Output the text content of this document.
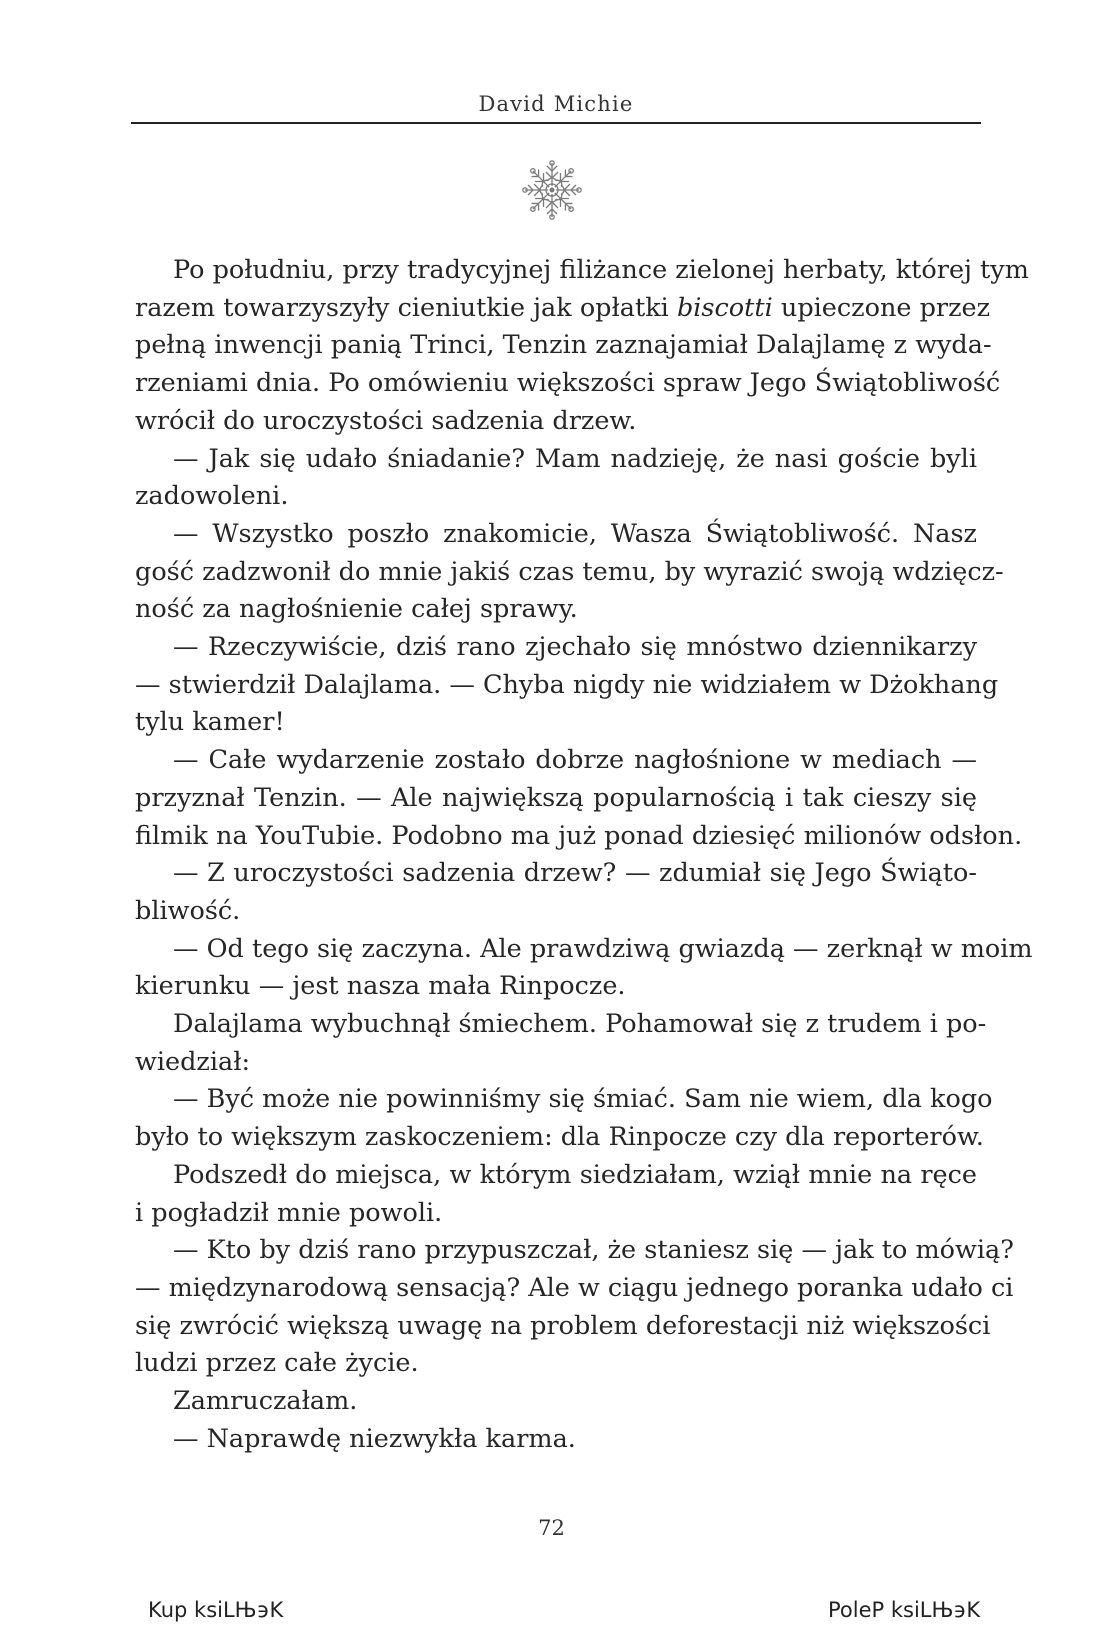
David Michie
Po południu, przy tradycyjnej filiżance zielonej herbaty, której tym
razem towarzyszyły cieniutkie jak opłatki biscotti upieczone przez
pełną inwencji panią Trinci, Tenzin zaznajamiał Dalajlamę z wyda-
rzeniami dnia. Po omówieniu większości spraw Jego Świątobliwość
wrócił do uroczystości sadzenia drzew.
— Jak się udało śniadanie? Mam nadzieję, że nasi goście byli
zadowoleni.
— Wszystko poszło znakomicie, Wasza Świątobliwość. Nasz
gość zadzwonił do mnie jakiś czas temu, by wyrazić swoją wdzięcz-
ność za nagłośnienie całej sprawy.
— Rzeczywiście, dziś rano zjechało się mnóstwo dziennikarzy
— stwierdził Dalajlama. — Chyba nigdy nie widziałem w Dżokhang
tylu kamer!
— Całe wydarzenie zostało dobrze nagłośnione w mediach —
przyznał Tenzin. — Ale największą popularnością i tak cieszy się
filmik na YouTubie. Podobno ma już ponad dziesięć milionów odsłon.
— Z uroczystości sadzenia drzew? — zdumiał się Jego Świąto-
bliwość.
— Od tego się zaczyna. Ale prawdziwą gwiazdą — zerknął w moim
kierunku — jest nasza mała Rinpocze.
Dalajlama wybuchnął śmiechem. Pohamował się z trudem i po-
wiedział:
— Być może nie powinniśmy się śmiać. Sam nie wiem, dla kogo
było to większym zaskoczeniem: dla Rinpocze czy dla reporterów.
Podszedł do miejsca, w którym siedziałam, wziął mnie na ręce
i pogładził mnie powoli.
— Kto by dziś rano przypuszczał, że staniesz się — jak to mówią?
— międzynarodową sensacją? Ale w ciągu jednego poranka udało ci
się zwrócić większą uwagę na problem deforestacji niż większości
ludzi przez całe życie.
Zamruczałam.
— Naprawdę niezwykła karma.
72
Kup ksiLЊ϶K	PoleP ksiLЊ϶K
